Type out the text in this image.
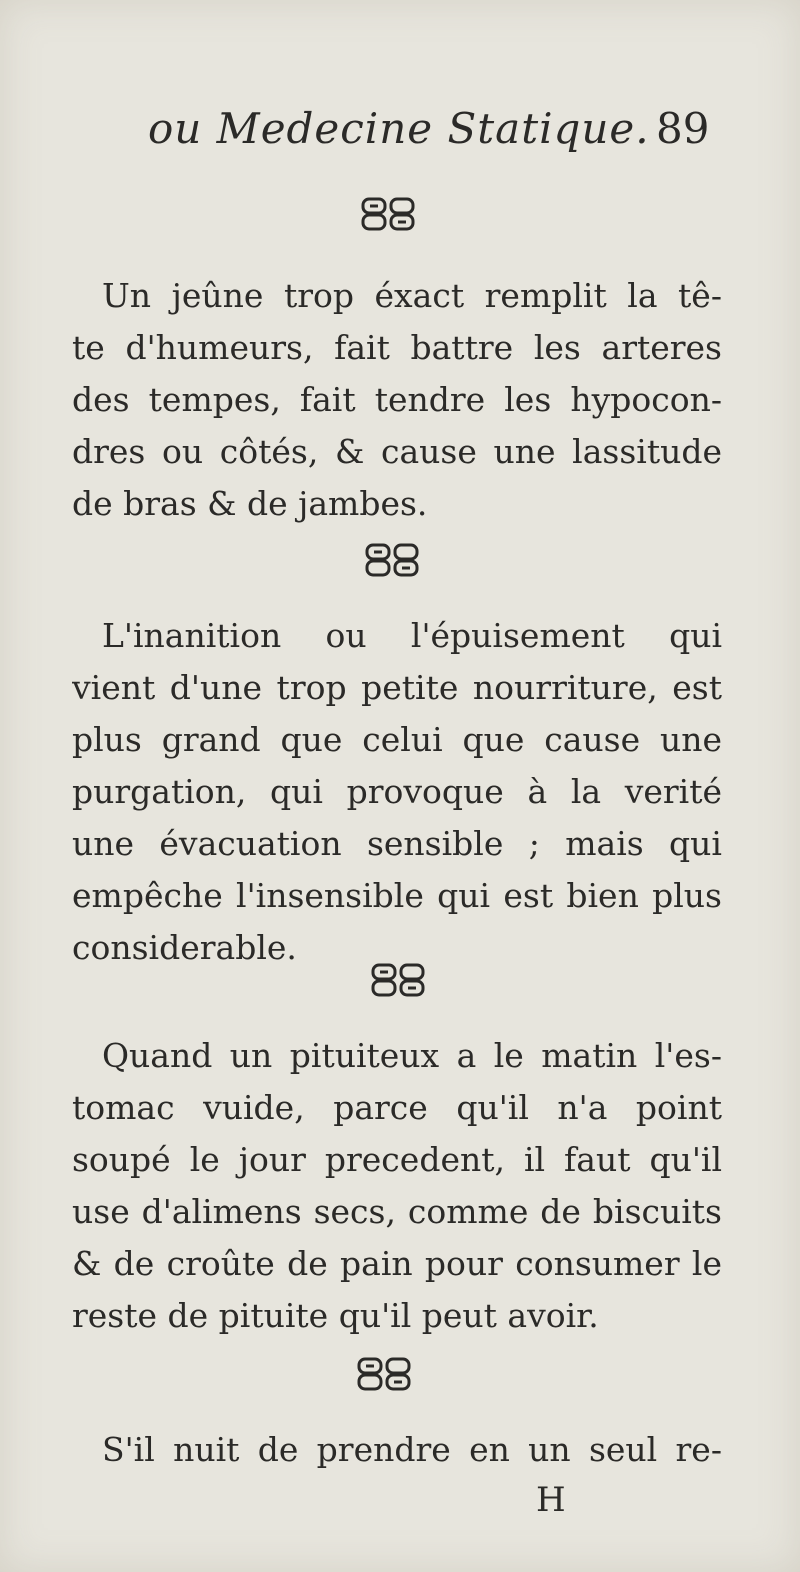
ou Medecine Statique. 89
Un jeûne trop éxact remplit la tê-
te d'humeurs, fait battre les arteres
des tempes, fait tendre les hypocon-
dres ou côtés, & cause une lassitude
de bras & de jambes.
L'inanition ou l'épuisement qui
vient d'une trop petite nourriture, est
plus grand que celui que cause une
purgation, qui provoque à la verité
une évacuation sensible ; mais qui
empêche l'insensible qui est bien plus
considerable.
Quand un pituiteux a le matin l'es-
tomac vuide, parce qu'il n'a point
soupé le jour precedent, il faut qu'il
use d'alimens secs, comme de biscuits
& de croûte de pain pour consumer le
reste de pituite qu'il peut avoir.
S'il nuit de prendre en un seul re-
H
